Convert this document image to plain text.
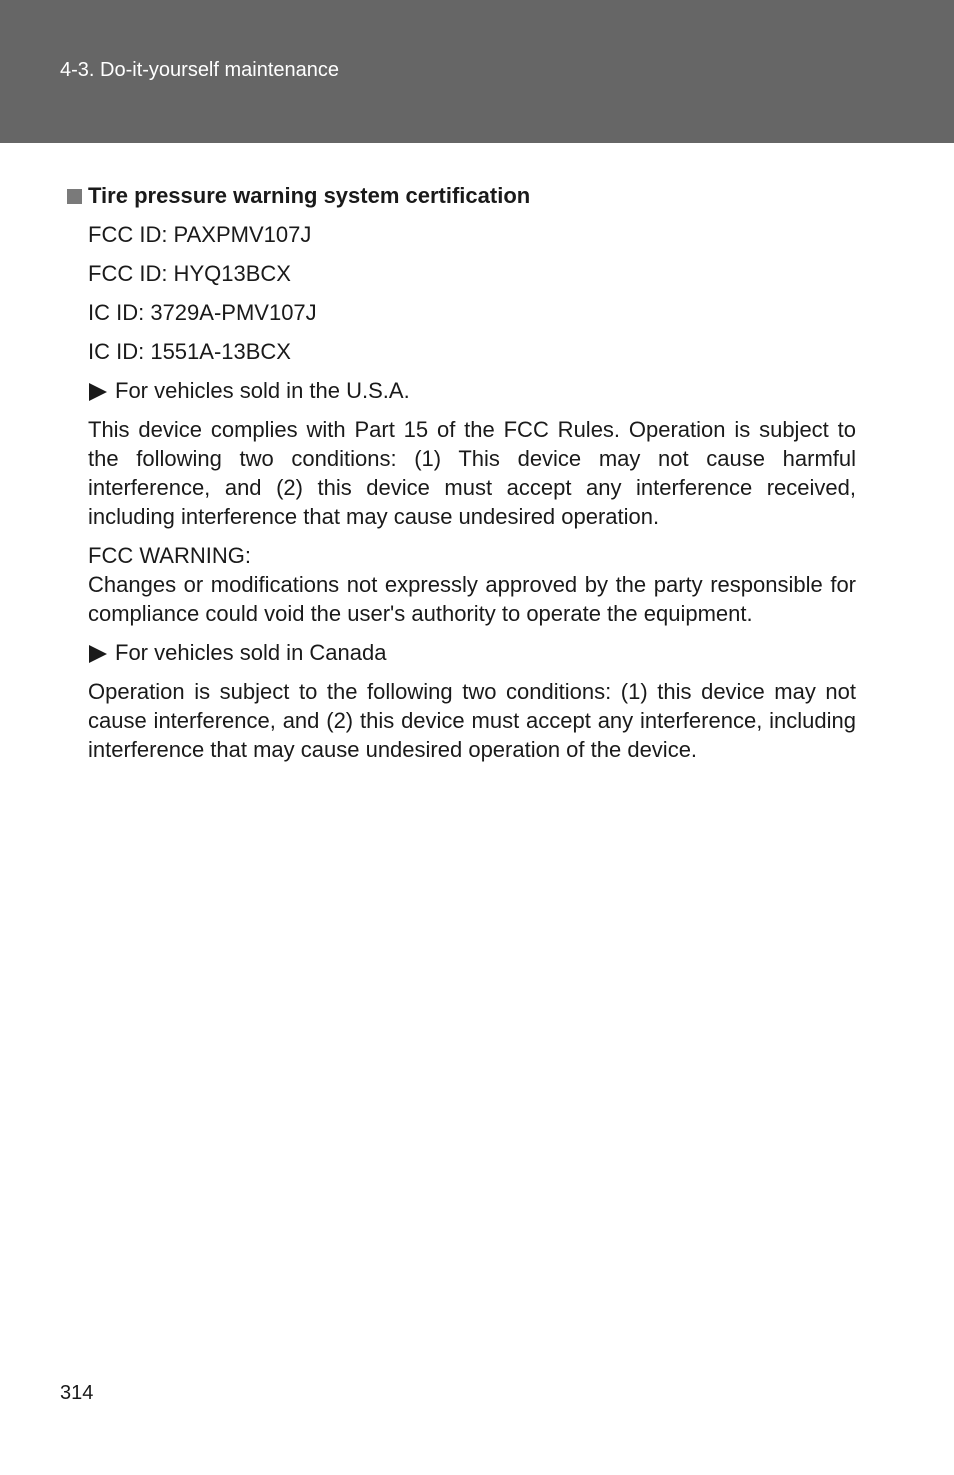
4-3. Do-it-yourself maintenance
Tire pressure warning system certification
FCC ID: PAXPMV107J
FCC ID: HYQ13BCX
IC ID: 3729A-PMV107J
IC ID: 1551A-13BCX
For vehicles sold in the U.S.A.
This device complies with Part 15 of the FCC Rules. Operation is subject to the following two conditions: (1) This device may not cause harmful interference, and (2) this device must accept any interference received, including interference that may cause undesired operation.
FCC WARNING:
Changes or modifications not expressly approved by the party responsible for compliance could void the user's authority to operate the equipment.
For vehicles sold in Canada
Operation is subject to the following two conditions: (1) this device may not cause interference, and (2) this device must accept any interference, including interference that may cause undesired operation of the device.
314
